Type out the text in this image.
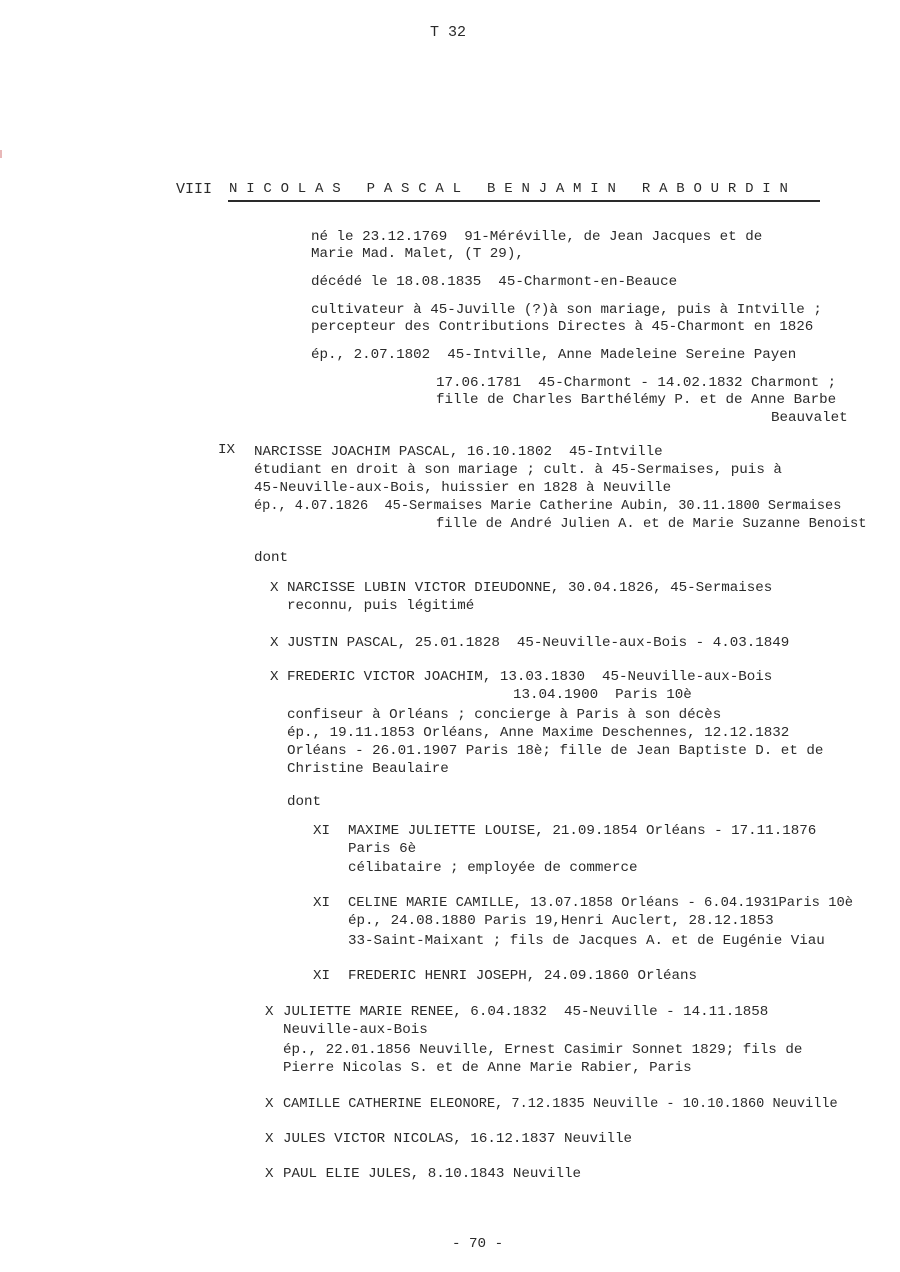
T 32
VIII N I C O L A S   P A S C A L   B E N J A M I N   R A B O U R D I N
né le 23.12.1769  91-Méréville, de Jean Jacques et de
Marie Mad. Malet, (T 29),
décédé le 18.08.1835  45-Charmont-en-Beauce
cultivateur à 45-Juville (?)à son mariage, puis à Intville ;
percepteur des Contributions Directes à 45-Charmont en 1826
ép., 2.07.1802  45-Intville, Anne Madeleine Sereine Payen
17.06.1781  45-Charmont - 14.02.1832 Charmont ;
fille de Charles Barthélémy P. et de Anne Barbe
Beauvalet
IX NARCISSE JOACHIM PASCAL, 16.10.1802  45-Intville
étudiant en droit à son mariage ; cult. à 45-Sermaises, puis à
45-Neuville-aux-Bois, huissier en 1828 à Neuville
ép., 4.07.1826  45-Sermaises Marie Catherine Aubin, 30.11.1800 Sermaises
fille de André Julien A. et de Marie Suzanne Benoist
dont
X NARCISSE LUBIN VICTOR DIEUDONNE, 30.04.1826, 45-Sermaises
reconnu, puis légitimé
X JUSTIN PASCAL, 25.01.1828  45-Neuville-aux-Bois - 4.03.1849
X FREDERIC VICTOR JOACHIM, 13.03.1830  45-Neuville-aux-Bois
13.04.1900  Paris 10è
confiseur à Orléans ; concierge à Paris à son décès
ép., 19.11.1853 Orléans, Anne Maxime Deschennes, 12.12.1832
Orléans - 26.01.1907 Paris 18è; fille de Jean Baptiste D. et de
Christine Beaulaire
dont
XI MAXIME JULIETTE LOUISE, 21.09.1854 Orléans - 17.11.1876
Paris 6è
célibataire ; employée de commerce
XI CELINE MARIE CAMILLE, 13.07.1858 Orléans - 6.04.1931Paris 10è
ép., 24.08.1880 Paris 19,Henri Auclert, 28.12.1853
33-Saint-Maixant ; fils de Jacques A. et de Eugénie Viau
XI FREDERIC HENRI JOSEPH, 24.09.1860 Orléans
X JULIETTE MARIE RENEE, 6.04.1832  45-Neuville - 14.11.1858
Neuville-aux-Bois
ép., 22.01.1856 Neuville, Ernest Casimir Sonnet 1829; fils de
Pierre Nicolas S. et de Anne Marie Rabier, Paris
X CAMILLE CATHERINE ELEONORE, 7.12.1835 Neuville - 10.10.1860 Neuville
X JULES VICTOR NICOLAS, 16.12.1837 Neuville
X PAUL ELIE JULES, 8.10.1843 Neuville
- 70 -
